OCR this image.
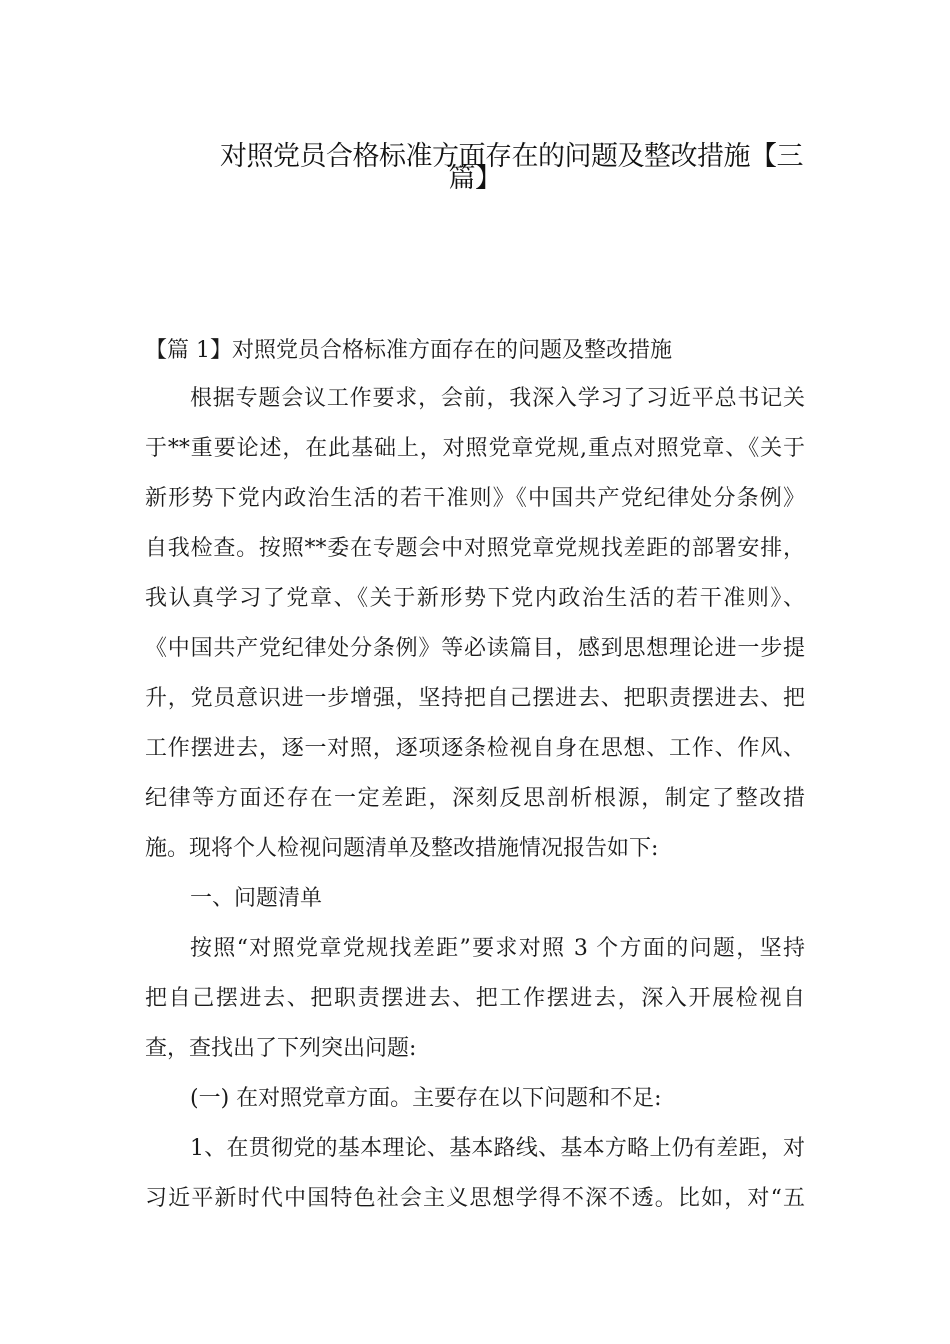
对照党员合格标准方面存在的问题及整改措施【三
篇】
【篇 1】对照党员合格标准方面存在的问题及整改措施
根据专题会议工作要求，会前，我深入学习了习近平总书记关
于**重要论述，在此基础上，对照党章党规,重点对照党章、《关于
新形势下党内政治生活的若干准则》《中国共产党纪律处分条例》
自我检查。按照**委在专题会中对照党章党规找差距的部署安排，
我认真学习了党章、《关于新形势下党内政治生活的若干准则》、
《中国共产党纪律处分条例》等必读篇目，感到思想理论进一步提
升，党员意识进一步增强，坚持把自己摆进去、把职责摆进去、把
工作摆进去，逐一对照，逐项逐条检视自身在思想、工作、作风、
纪律等方面还存在一定差距，深刻反思剖析根源，制定了整改措
施。现将个人检视问题清单及整改措施情况报告如下:
一、问题清单
按照“对照党章党规找差距”要求对照 3 个方面的问题，坚持
把自己摆进去、把职责摆进去、把工作摆进去，深入开展检视自
查，查找出了下列突出问题:
(一) 在对照党章方面。主要存在以下问题和不足:
1、在贯彻党的基本理论、基本路线、基本方略上仍有差距，对
习近平新时代中国特色社会主义思想学得不深不透。比如，对“五
